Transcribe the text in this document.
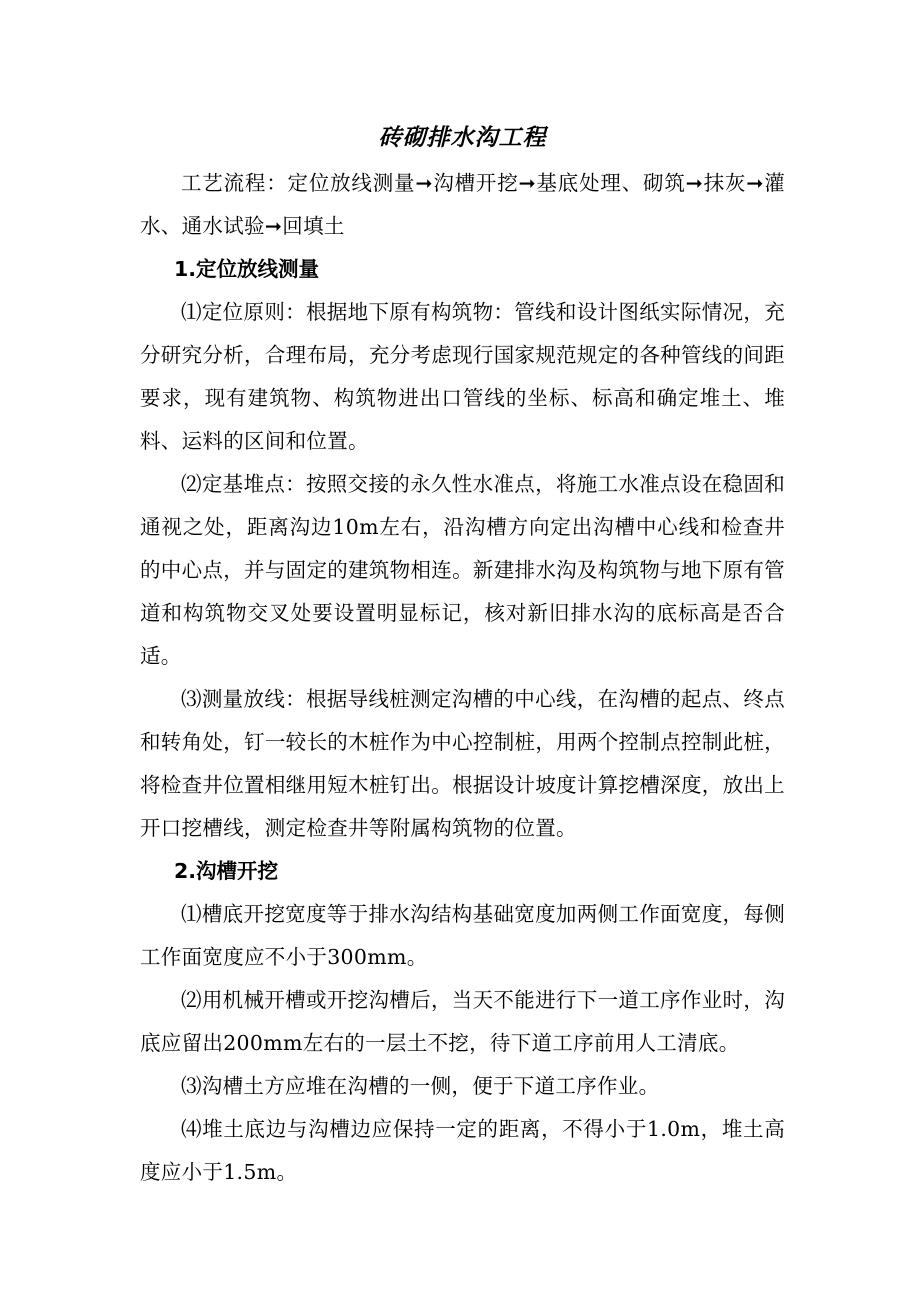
砖砌排水沟工程

工艺流程：定位放线测量➞沟槽开挖➞基底处理、砌筑➞抹灰➞灌水、通水试验➞回填土

1.定位放线测量

⑴定位原则：根据地下原有构筑物：管线和设计图纸实际情况，充分研究分析，合理布局，充分考虑现行国家规范规定的各种管线的间距要求，现有建筑物、构筑物进出口管线的坐标、标高和确定堆土、堆料、运料的区间和位置。

⑵定基堆点：按照交接的永久性水准点，将施工水准点设在稳固和通视之处，距离沟边10m左右，沿沟槽方向定出沟槽中心线和检查井的中心点，并与固定的建筑物相连。新建排水沟及构筑物与地下原有管道和构筑物交叉处要设置明显标记，核对新旧排水沟的底标高是否合适。

⑶测量放线：根据导线桩测定沟槽的中心线，在沟槽的起点、终点和转角处，钉一较长的木桩作为中心控制桩，用两个控制点控制此桩，将检查井位置相继用短木桩钉出。根据设计坡度计算挖槽深度，放出上开口挖槽线，测定检查井等附属构筑物的位置。

2.沟槽开挖

⑴槽底开挖宽度等于排水沟结构基础宽度加两侧工作面宽度，每侧工作面宽度应不小于300mm。

⑵用机械开槽或开挖沟槽后，当天不能进行下一道工序作业时，沟底应留出200mm左右的一层土不挖，待下道工序前用人工清底。

⑶沟槽土方应堆在沟槽的一侧，便于下道工序作业。

⑷堆土底边与沟槽边应保持一定的距离，不得小于1.0m，堆土高度应小于1.5m。
